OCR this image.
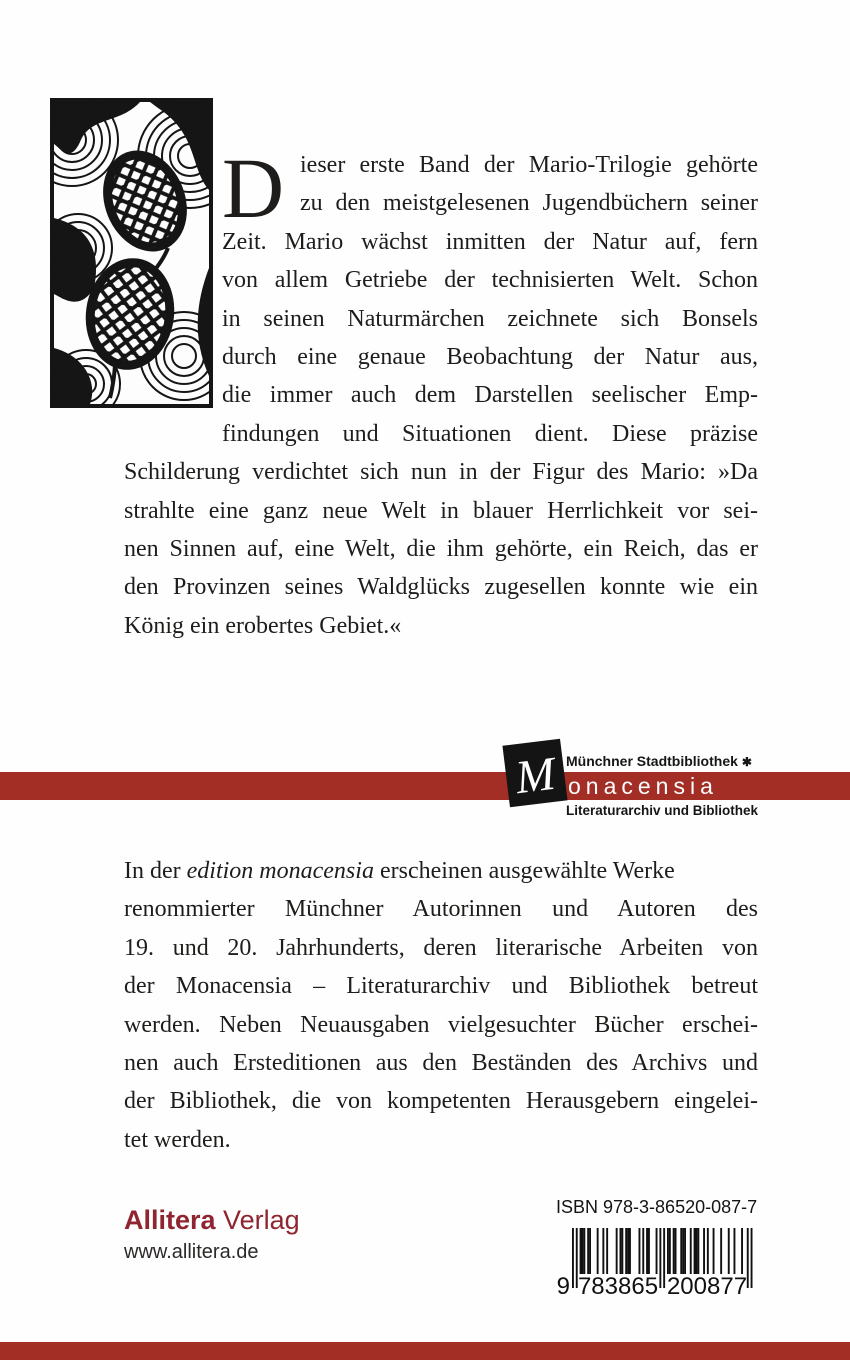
D ieser erste Band der Mario-Trilogie gehörte
zu den meistgelesenen Jugendbüchern seiner
Zeit. Mario wächst inmitten der Natur auf, fern
von allem Getriebe der technisierten Welt. Schon
in seinen Naturmärchen zeichnete sich Bonsels
durch eine genaue Beobachtung der Natur aus,
die immer auch dem Darstellen seelischer Emp-
findungen und Situationen dient. Diese präzise
Schilderung verdichtet sich nun in der Figur des Mario: »Da
strahlte eine ganz neue Welt in blauer Herrlichkeit vor sei-
nen Sinnen auf, eine Welt, die ihm gehörte, ein Reich, das er
den Provinzen seines Waldglücks zugesellen konnte wie ein
König ein erobertes Gebiet.«
Münchner Stadtbibliothek ✱
M onacensia
Literaturarchiv und Bibliothek
In der edition monacensia erscheinen ausgewählte Werke
renommierter Münchner Autorinnen und Autoren des
19. und 20. Jahrhunderts, deren literarische Arbeiten von
der Monacensia – Literaturarchiv und Bibliothek betreut
werden. Neben Neuausgaben vielgesuchter Bücher erschei-
nen auch Ersteditionen aus den Beständen des Archivs und
der Bibliothek, die von kompetenten Herausgebern eingelei-
tet werden.
Allitera Verlag
www.allitera.de
ISBN 978-3-86520-087-7
9 783865 200877
